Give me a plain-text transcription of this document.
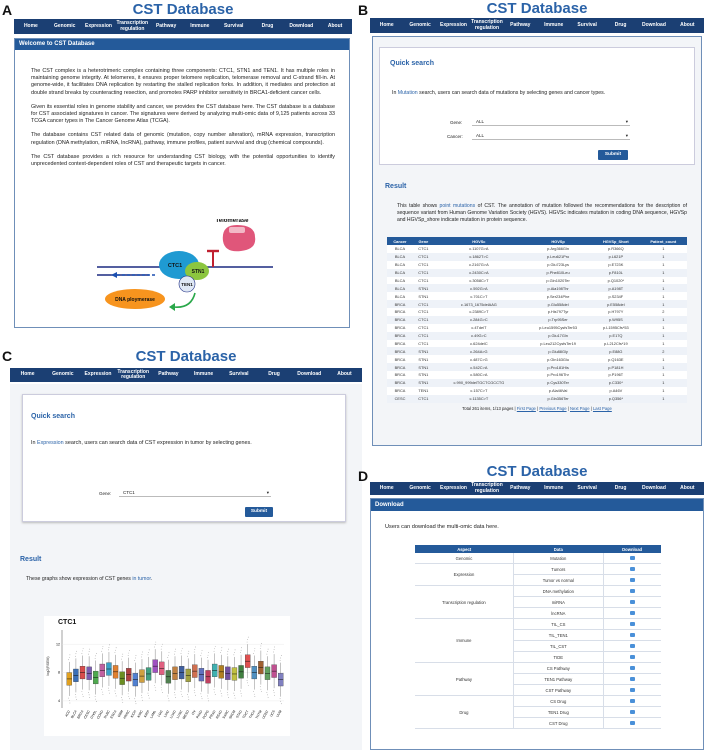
A	CST Database
Home	Genomic	Expression Transcription regulation	Pathway	Immune	Survival	Drug	Download	About
Welcome to CST Database

The CST complex is a heterotrimeric complex containing three components: CTC1, STN1 and TEN1. It has multiple roles in maintaining genome integrity. At telomeres, it ensures proper telomere replication, telomerase removal and C-strand fill-in. At genome-wide, it facilitates DNA replication by restarting the stalled replication forks. In addition, it mediates and protection at double strand breaks by counteracting resection, and promotes PARP inhibitor sensitivity in BRCA1-deficient cancer cells.

Given its essential roles in genome stability and cancer, we provides the CST database here. The CST database is a database for CST associated signatures in cancer. The signatures were derived by analyzing multi-omic data of 9,125 patients across 33 TCGA cancer types in The Cancer Genome Atlas (TCGA).

The database contains CST related data of genomic (mutation, copy number alteration), mRNA expression, transcription regulation (DNA methylation, miRNA, lncRNA), pathway, immune profiles, patient survival and drug (chemical compounds).

The CST database provides a rich resource for understanding CST biology, with the potential opportunities to identify unprecedented context-dependent roles of CST and therapeutic targets in cancer.

Telomerase
CTC1
STN1
TEN1
DNA ploymerase
B	CST Database
Home	Genomic	Expression Transcription regulation	Pathway	Immune	Survival	Drug	Download	About
Quick search
In Mutation search, users can search data of mutations by selecting genes and cancer types.
Gene:	ALL	▾
Cancer:	ALL	▾
Submit
Result
This table shows point mutations of CST. The annotation of mutation followed the recommendations for the description of sequence variant from Human Genome Variation Society (HGVS). HGVSc indicates mutation in coding DNA sequence, HGVSp and HGVSp_shore indicate mutation in protein sequence.
Cancer	Gene	HGVSc	HGVSp	HGVSp_Short	Patient_count
BLCA	CTC1	c.1107G>A	p.Arg366Gln	p.R366Q	1
BLCA	CTC1	c.1862T>C	p.Leu621Pro	p.L621P	1
BLCA	CTC1	c.2167G>A	p.Glu723Lys	p.E723K	1
BLCA	CTC1	c.2430C>A	p.Phe810Leu	p.F810L	1
BLCA	CTC1	c.3058C>T	p.Gln1020Ter	p.Q1020*	1
BLCA	STN1	c.592G>A	p.Ala198Thr	p.A198T	1
BLCA	STN1	c.701C>T	p.Ser234Phe	p.S234F	1
BRCA	CTC1	c.1673_1675delAAG	p.Glu558del	p.E558del	1
BRCA	CTC1	c.2389C>T	p.His797Tyr	p.H797Y	2
BRCA	CTC1	c.284G>C	p.Trp95Ser	p.W95S	1
BRCA	CTC1	c.4TdelT	p.Leu1595CysfsTer53	p.L1595Cfs*53	1
BRCA	CTC1	c.49G>C	p.Glu17Gln	p.E17Q	1
BRCA	CTC1	c.624delC	p.Leu212CysfsTer19	p.L212Cfs*19	1
BRCA	STN1	c.264A>G	p.Glu88Gly	p.E88G	2
BRCA	STN1	c.487C>G	p.Gln163Glu	p.Q163E	1
BRCA	STN1	c.542C>A	p.Pro181His	p.P181H	1
BRCA	STN1	c.580C>A	p.Pro196Thr	p.P196T	1
BRCA	STN1	c.990_999delTGCTCGCCTG	p.Cys330Ter	p.C330*	1
BRCA	TEN1	c.157C>T	p.Ala46Val	p.A46V	1
CESC	CTC1	c.1135C>T	p.Gln356Ter	p.Q356*	1
Total 261 items, 1/13 pages | First Page | Previous Page | Next Page | Last Page
C	CST Database
Home	Genomic	Expression	Transcription regulation	Pathway	Immune	Survival	Drug	Download	About
Quick search
In Expression search, users can search data of CST expression in tumor by selecting genes.
Gene:	CTC1	▾
Submit
Result
These graphs show expression of CST genes in tumor.
CTC1
log2(RSEM)
4
8
12
ACC
BLCA
BRCA
CESC
CHOL
COAD
DLBC
ESCA GBM
HNSC KICH KIRC KIRP
LAML LGG LIHC
LUAD
LUSC
MESO OV
PAAD
PCPG
PRAD
READ
SARC
SKCM
STAD
TGCT
THCA
THYM
UCEC UCS UVM
D	CST Database
Home	Genomic	Expression Transcription regulation	Pathway	Immune	Survival	Drug	Download	About
Download
Users can download the multi-omic data here.
Aspect	Data	Download
Genomic	Mutation	
Expression	Tumors	
	Tumor vs normal	
Transcription regulation	DNA methylation	
	miRNA	
	lncRNA	
Immune	TIL_CS	
	TIL_TEN1	
	TIL_CST	
	TIDE	
Pathway	CS Pathway	
	TEN1 Pathway	
	CST Pathway	
Drug	CS Drug	
	TEN1 Drug	
	CST Drug	
